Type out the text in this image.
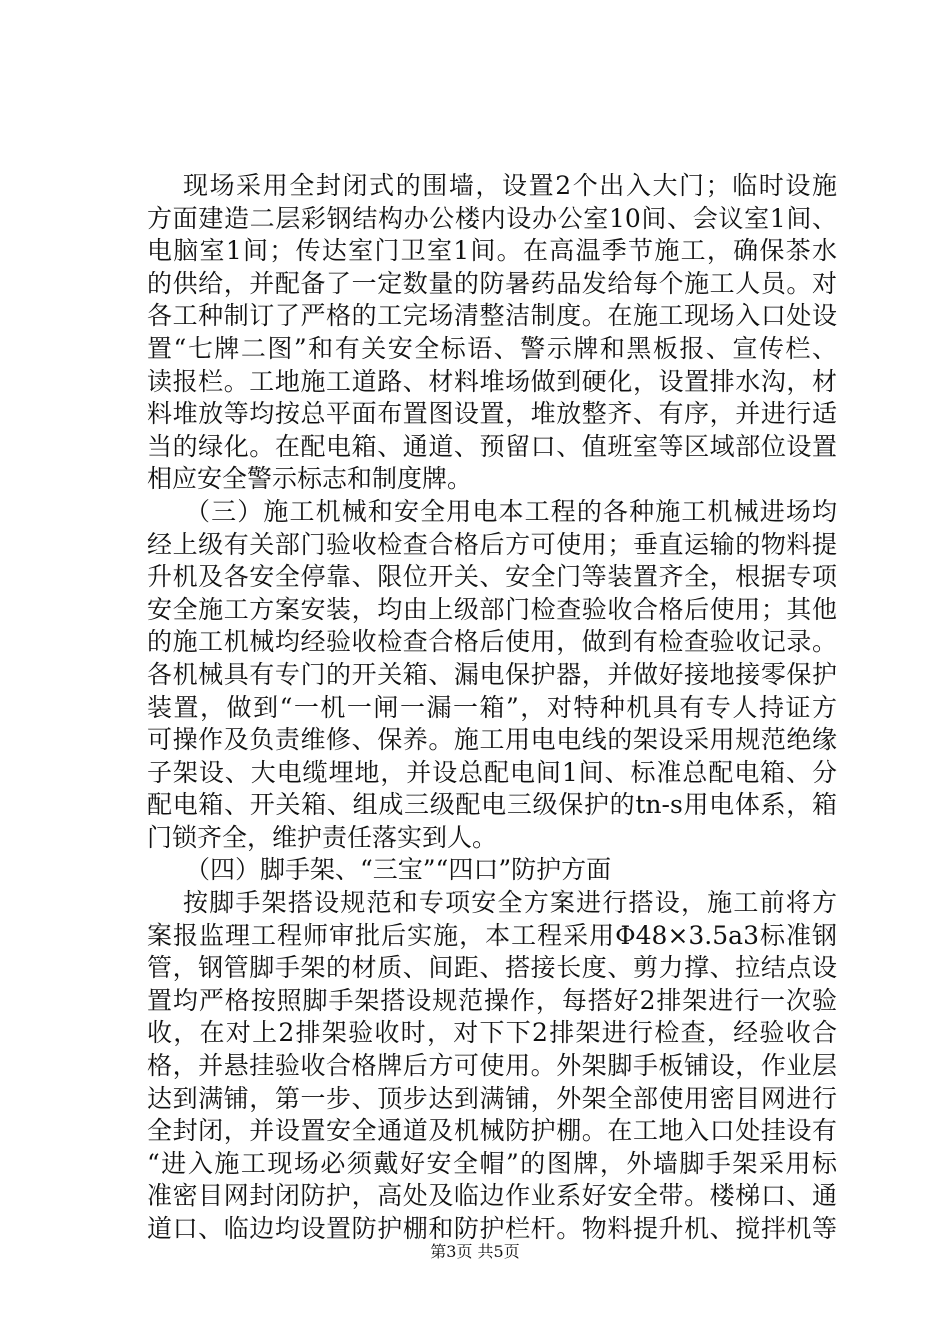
现场采用全封闭式的围墙，设置2个出入大门；临时设施
方面建造二层彩钢结构办公楼内设办公室10间、会议室1间、
电脑室1间；传达室门卫室1间。在高温季节施工，确保茶水
的供给，并配备了一定数量的防暑药品发给每个施工人员。对
各工种制订了严格的工完场清整洁制度。在施工现场入口处设
置“七牌二图”和有关安全标语、警示牌和黑板报、宣传栏、
读报栏。工地施工道路、材料堆场做到硬化，设置排水沟，材
料堆放等均按总平面布置图设置，堆放整齐、有序，并进行适
当的绿化。在配电箱、通道、预留口、值班室等区域部位设置
相应安全警示标志和制度牌。
（三）施工机械和安全用电本工程的各种施工机械进场均
经上级有关部门验收检查合格后方可使用；垂直运输的物料提
升机及各安全停靠、限位开关、安全门等装置齐全，根据专项
安全施工方案安装，均由上级部门检查验收合格后使用；其他
的施工机械均经验收检查合格后使用，做到有检查验收记录。
各机械具有专门的开关箱、漏电保护器，并做好接地接零保护
装置，做到“一机一闸一漏一箱”，对特种机具有专人持证方
可操作及负责维修、保养。施工用电电线的架设采用规范绝缘
子架设、大电缆埋地，并设总配电间1间、标准总配电箱、分
配电箱、开关箱、组成三级配电三级保护的tn-s用电体系，箱
门锁齐全，维护责任落实到人。
（四）脚手架、“三宝”“四口”防护方面
按脚手架搭设规范和专项安全方案进行搭设，施工前将方
案报监理工程师审批后实施，本工程采用Φ48×3.5a3标准钢
管，钢管脚手架的材质、间距、搭接长度、剪力撑、拉结点设
置均严格按照脚手架搭设规范操作，每搭好2排架进行一次验
收，在对上2排架验收时，对下下2排架进行检查，经验收合
格，并悬挂验收合格牌后方可使用。外架脚手板铺设，作业层
达到满铺，第一步、顶步达到满铺，外架全部使用密目网进行
全封闭，并设置安全通道及机械防护棚。在工地入口处挂设有
“进入施工现场必须戴好安全帽”的图牌，外墙脚手架采用标
准密目网封闭防护，高处及临边作业系好安全带。楼梯口、通
道口、临边均设置防护棚和防护栏杆。物料提升机、搅拌机等
第3页 共5页
